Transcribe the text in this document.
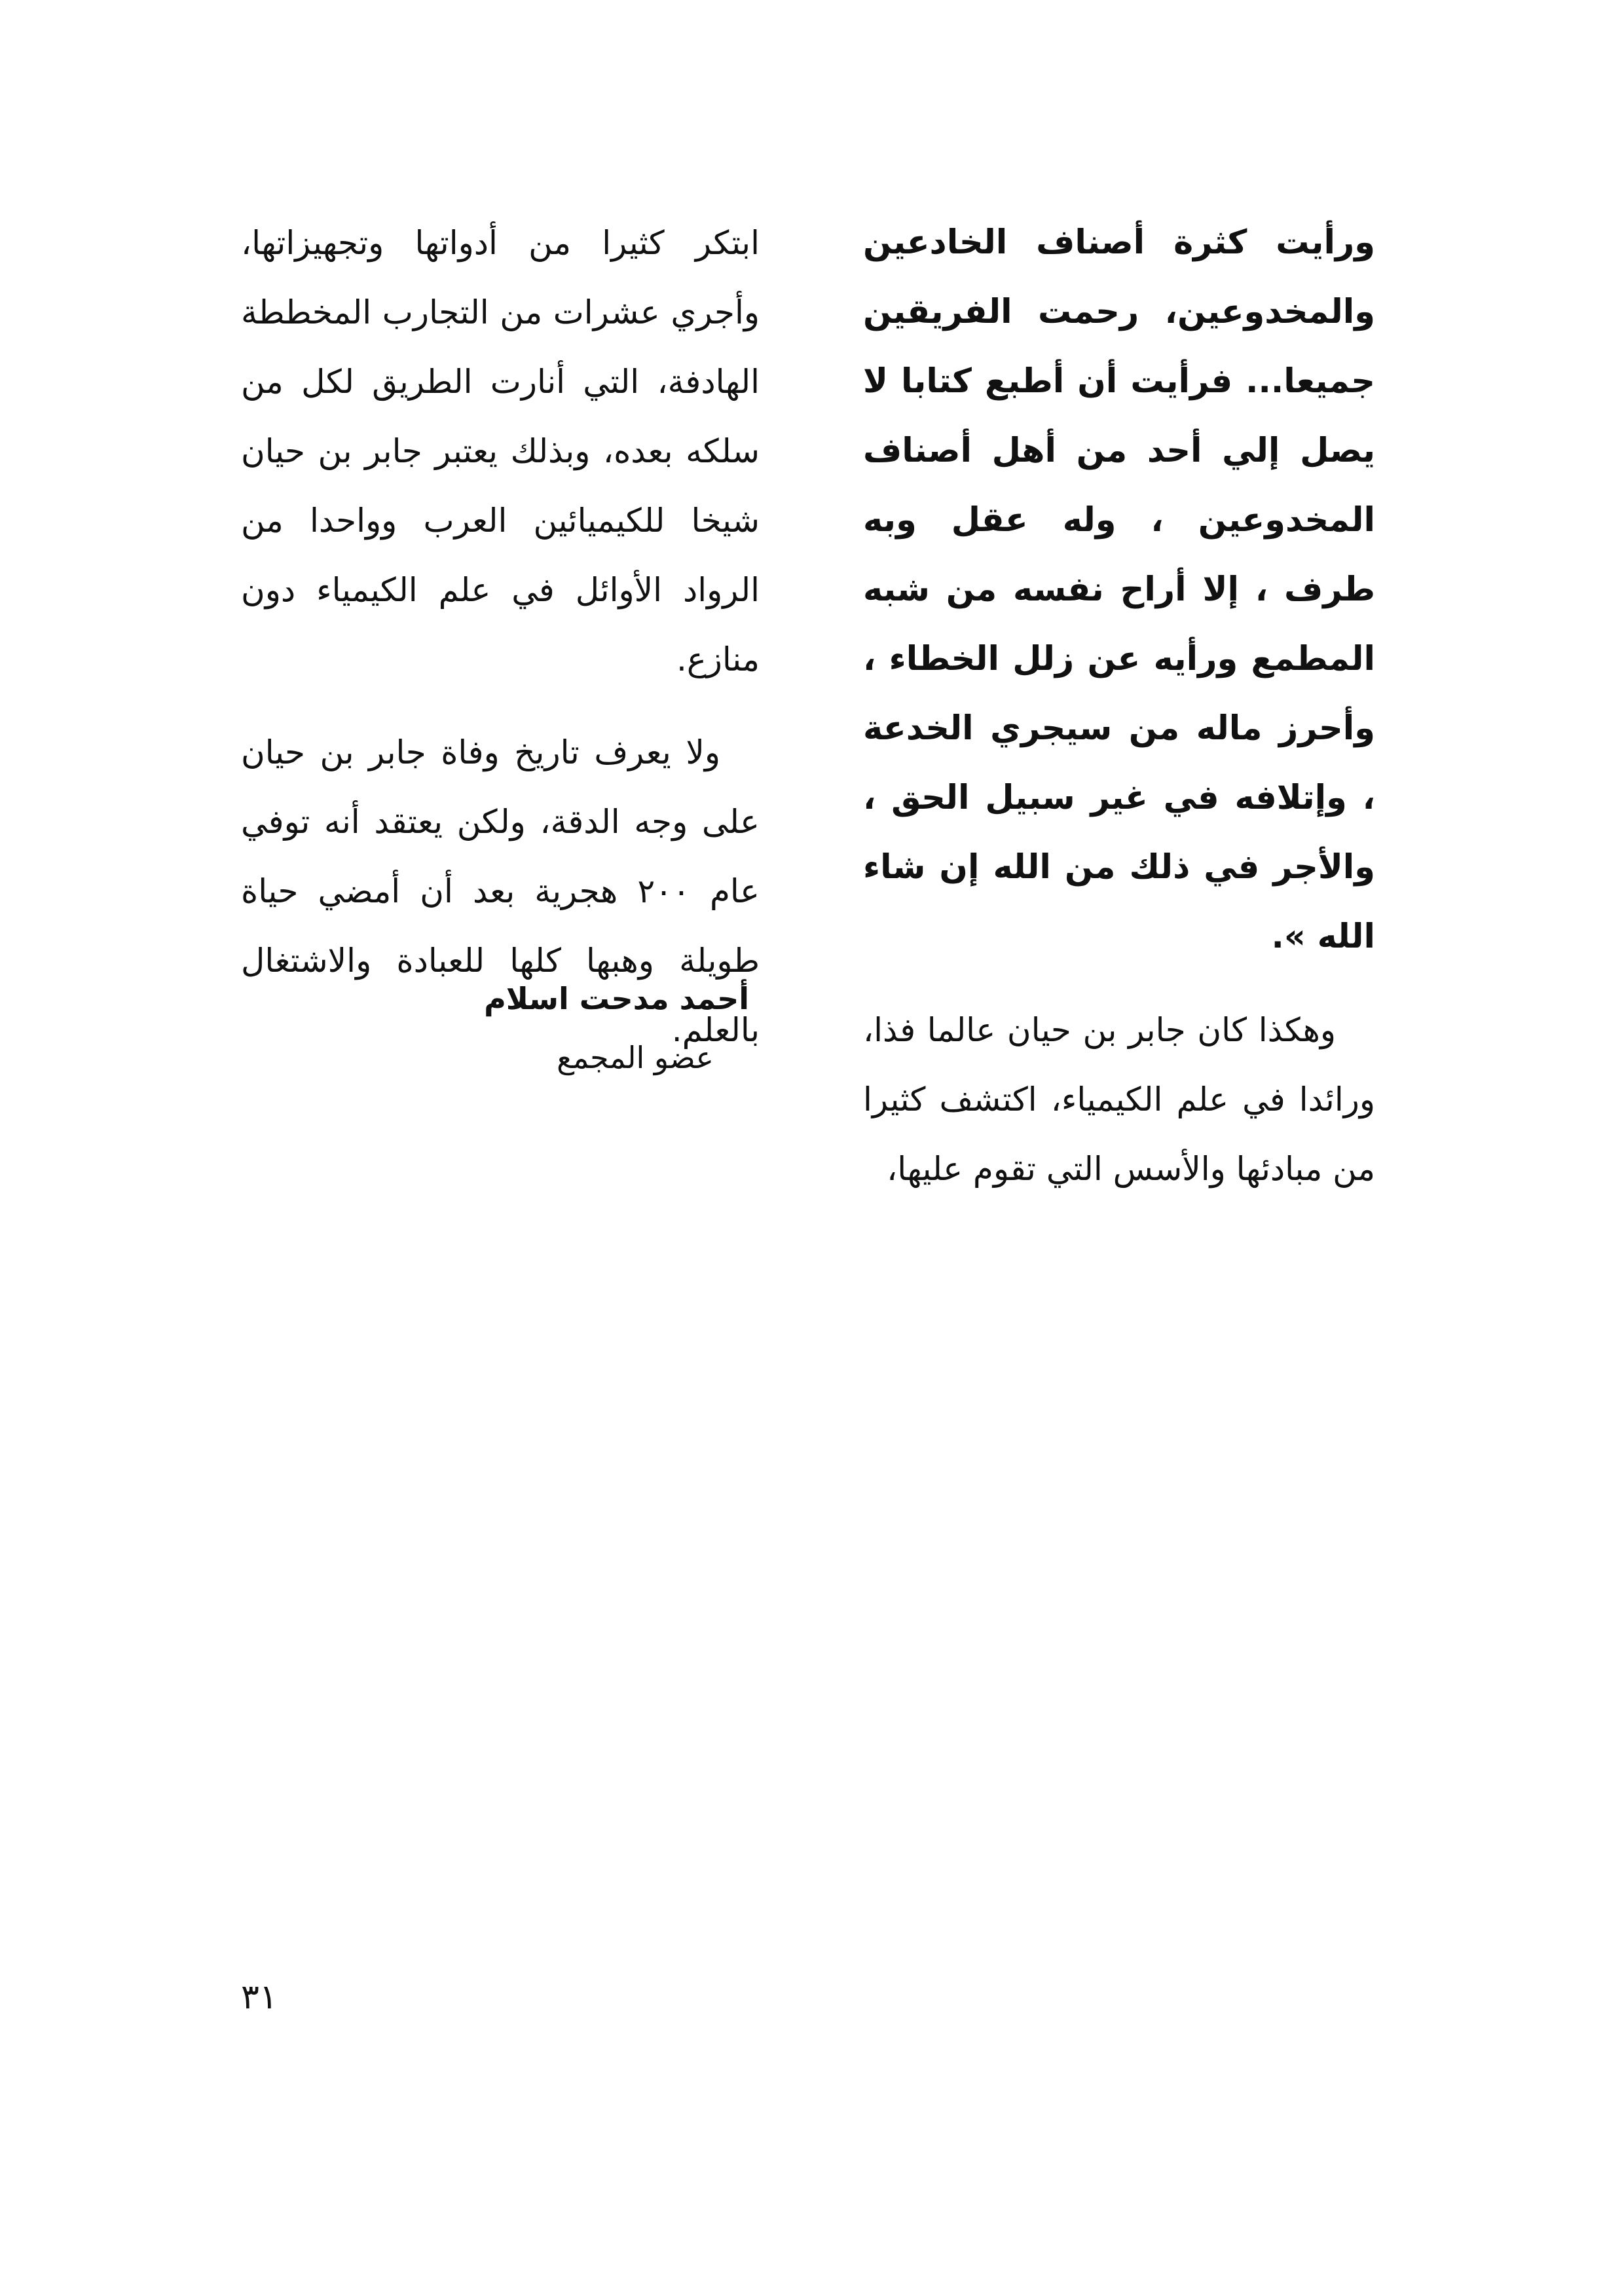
ورأيت كثرة أصناف الخادعين والمخدوعين، رحمت الفريقين جميعا... فرأيت أن أطبع كتابا لا يصل إلي أحد من أهل أصناف المخدوعين ، وله عقل وبه طرف ، إلا أراح نفسه من شبه المطمع ورأيه عن زلل الخطاء ، وأحرز ماله من سيجري الخدعة ، وإتلافه في غير سبيل الحق ، والأجر في ذلك من الله إن شاء الله ».

وهكذا كان جابر بن حيان عالما فذا، ورائدا في علم الكيمياء، اكتشف كثيرا من مبادئها والأسس التي تقوم عليها،

ابتكر كثيرا من أدواتها وتجهيزاتها، وأجري عشرات من التجارب المخططة الهادفة، التي أنارت الطريق لكل من سلكه بعده، وبذلك يعتبر جابر بن حيان شيخا للكيميائين العرب وواحدا من الرواد الأوائل في علم الكيمياء دون منازع.

ولا يعرف تاريخ وفاة جابر بن حيان على وجه الدقة، ولكن يعتقد أنه توفي عام ٢٠٠ هجرية بعد أن أمضي حياة طويلة وهبها كلها للعبادة والاشتغال بالعلم.

أحمد مدحت اسلام

عضو المجمع

٣١
